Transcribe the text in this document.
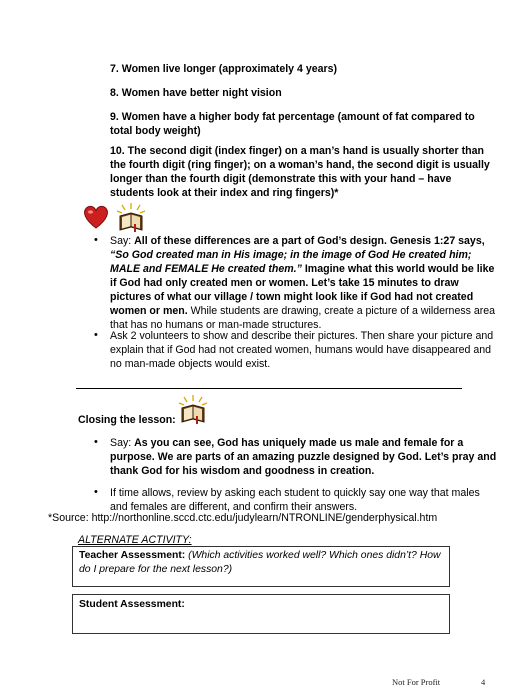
7. Women live longer (approximately 4 years)
8. Women have better night vision
9. Women have a higher body fat percentage (amount of fat compared to total body weight)
10. The second digit (index finger) on a man’s hand is usually shorter than the fourth digit (ring finger); on a woman’s hand, the second digit is usually longer than the fourth digit (demonstrate this with your hand – have students look at their index and ring fingers)*
• Say: All of these differences are a part of God’s design. Genesis 1:27 says, “So God created man in His image; in the image of God He created him; MALE and FEMALE He created them.” Imagine what this world would be like if God had only created men or women. Let’s take 15 minutes to draw pictures of what our village / town might look like if God had not created women or men. While students are drawing, create a picture of a wilderness area that has no humans or man-made structures.
• Ask 2 volunteers to show and describe their pictures. Then share your picture and explain that if God had not created women, humans would have disappeared and no man-made objects would exist.
Closing the lesson:
• Say: As you can see, God has uniquely made us male and female for a purpose. We are parts of an amazing puzzle designed by God. Let’s pray and thank God for his wisdom and goodness in creation.
• If time allows, review by asking each student to quickly say one way that males and females are different, and confirm their answers.
*Source: http://northonline.sccd.ctc.edu/judylearn/NTRONLINE/genderphysical.htm
ALTERNATE ACTIVITY:
Teacher Assessment: (Which activities worked well? Which ones didn’t? How do I prepare for the next lesson?)
Student Assessment:
Not For Profit	4
